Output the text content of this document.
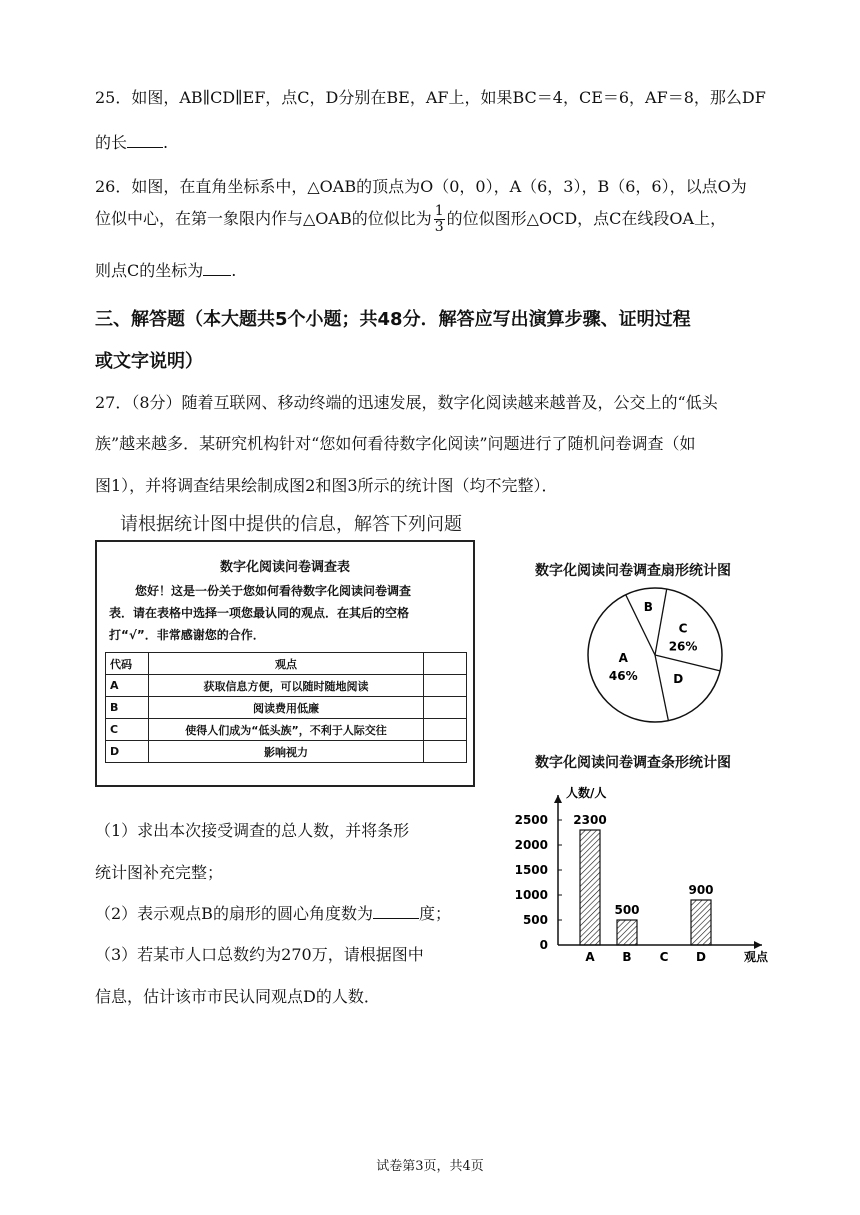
25．如图，AB∥CD∥EF，点C，D分别在BE，AF上，如果BC＝4，CE＝6，AF＝8，那么DF
的长 .
26．如图，在直角坐标系中，△OAB的顶点为O（0，0），A（6，3），B（6，6），以点O为
位似中心，在第一象限内作与△OAB的位似比为 $\frac{1}{3}$ 的位似图形△OCD，点C在线段OA上，
则点C的坐标为 .
三、解答题（本大题共5个小题；共48分．解答应写出演算步骤、证明过程
或文字说明）
27．（8分）随着互联网、移动终端的迅速发展，数字化阅读越来越普及，公交上的“低头
族”越来越多．某研究机构针对“您如何看待数字化阅读”问题进行了随机问卷调查（如
图1），并将调查结果绘制成图2和图3所示的统计图（均不完整）．
请根据统计图中提供的信息，解答下列问题
数字化阅读问卷调查表
您好！这是一份关于您如何看待数字化阅读问卷调查
表．请在表格中选择一项您最认同的观点．在其后的空格
打“√”．非常感谢您的合作．
代码	观点	
A	获取信息方便，可以随时随地阅读	
B	阅读费用低廉	
C	使得人们成为“低头族”，不利于人际交往	
D	影响视力	
数字化阅读问卷调查扇形统计图
B
C
26%
D
A
46%
数字化阅读问卷调查条形统计图
人数/人
观点
0
500
1000
1500
2000
2500 2300
A
500
B C
900
D
（1）求出本次接受调查的总人数，并将条形
统计图补充完整；
（2）表示观点B的扇形的圆心角度数为	度；
（3）若某市人口总数约为270万，请根据图中
信息，估计该市市民认同观点D的人数．
试卷第3页，共4页
